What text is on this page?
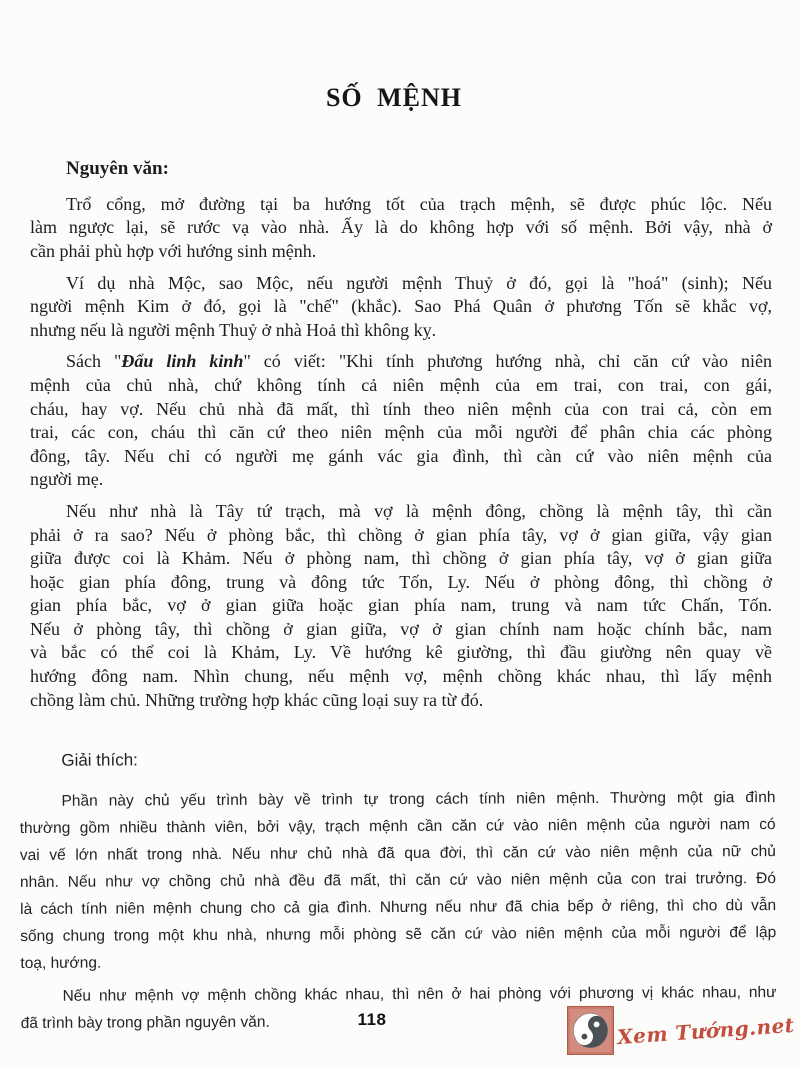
SỐ MỆNH
Nguyên văn:
Trổ cổng, mở đường tại ba hướng tốt của trạch mệnh, sẽ được phúc lộc. Nếu
làm ngược lại, sẽ rước vạ vào nhà. Ấy là do không hợp với số mệnh. Bởi vậy, nhà ở
cần phải phù hợp với hướng sinh mệnh.
Ví dụ nhà Mộc, sao Mộc, nếu người mệnh Thuỷ ở đó, gọi là "hoá" (sinh); Nếu
người mệnh Kim ở đó, gọi là "chế" (khắc). Sao Phá Quân ở phương Tốn sẽ khắc vợ,
nhưng nếu là người mệnh Thuỷ ở nhà Hoả thì không kỵ.
Sách "Đẩu linh kinh" có viết: "Khi tính phương hướng nhà, chỉ căn cứ vào niên
mệnh của chủ nhà, chứ không tính cả niên mệnh của em trai, con trai, con gái,
cháu, hay vợ. Nếu chủ nhà đã mất, thì tính theo niên mệnh của con trai cả, còn em
trai, các con, cháu thì căn cứ theo niên mệnh của mỗi người để phân chia các phòng
đông, tây. Nếu chỉ có người mẹ gánh vác gia đình, thì càn cứ vào niên mệnh của
người mẹ.
Nếu như nhà là Tây tứ trạch, mà vợ là mệnh đông, chồng là mệnh tây, thì cần
phải ở ra sao? Nếu ở phòng bắc, thì chồng ở gian phía tây, vợ ở gian giữa, vậy gian
giữa được coi là Khảm. Nếu ở phòng nam, thì chồng ở gian phía tây, vợ ở gian giữa
hoặc gian phía đông, trung và đông tức Tốn, Ly. Nếu ở phòng đông, thì chồng ở
gian phía bắc, vợ ở gian giữa hoặc gian phía nam, trung và nam tức Chấn, Tốn.
Nếu ở phòng tây, thì chồng ở gian giữa, vợ ở gian chính nam hoặc chính bắc, nam
và bắc có thể coi là Khảm, Ly. Về hướng kê giường, thì đầu giường nên quay về
hướng đông nam. Nhìn chung, nếu mệnh vợ, mệnh chồng khác nhau, thì lấy mệnh
chồng làm chủ. Những trường hợp khác cũng loại suy ra từ đó.
Giải thích:
Phần này chủ yếu trình bày về trình tự trong cách tính niên mệnh. Thường một gia đình
thường gồm nhiều thành viên, bởi vậy, trạch mệnh cần căn cứ vào niên mệnh của người nam có
vai vế lớn nhất trong nhà. Nếu như chủ nhà đã qua đời, thì căn cứ vào niên mệnh của nữ chủ
nhân. Nếu như vợ chồng chủ nhà đều đã mất, thì căn cứ vào niên mệnh của con trai trưởng. Đó
là cách tính niên mệnh chung cho cả gia đình. Nhưng nếu như đã chia bếp ở riêng, thì cho dù vẫn
sống chung trong một khu nhà, nhưng mỗi phòng sẽ căn cứ vào niên mệnh của mỗi người để lập
toạ, hướng.
Nếu như mệnh vợ mệnh chồng khác nhau, thì nên ở hai phòng với phương vị khác nhau, như
đã trình bày trong phần nguyên văn.	118	Xem Tướng.net
